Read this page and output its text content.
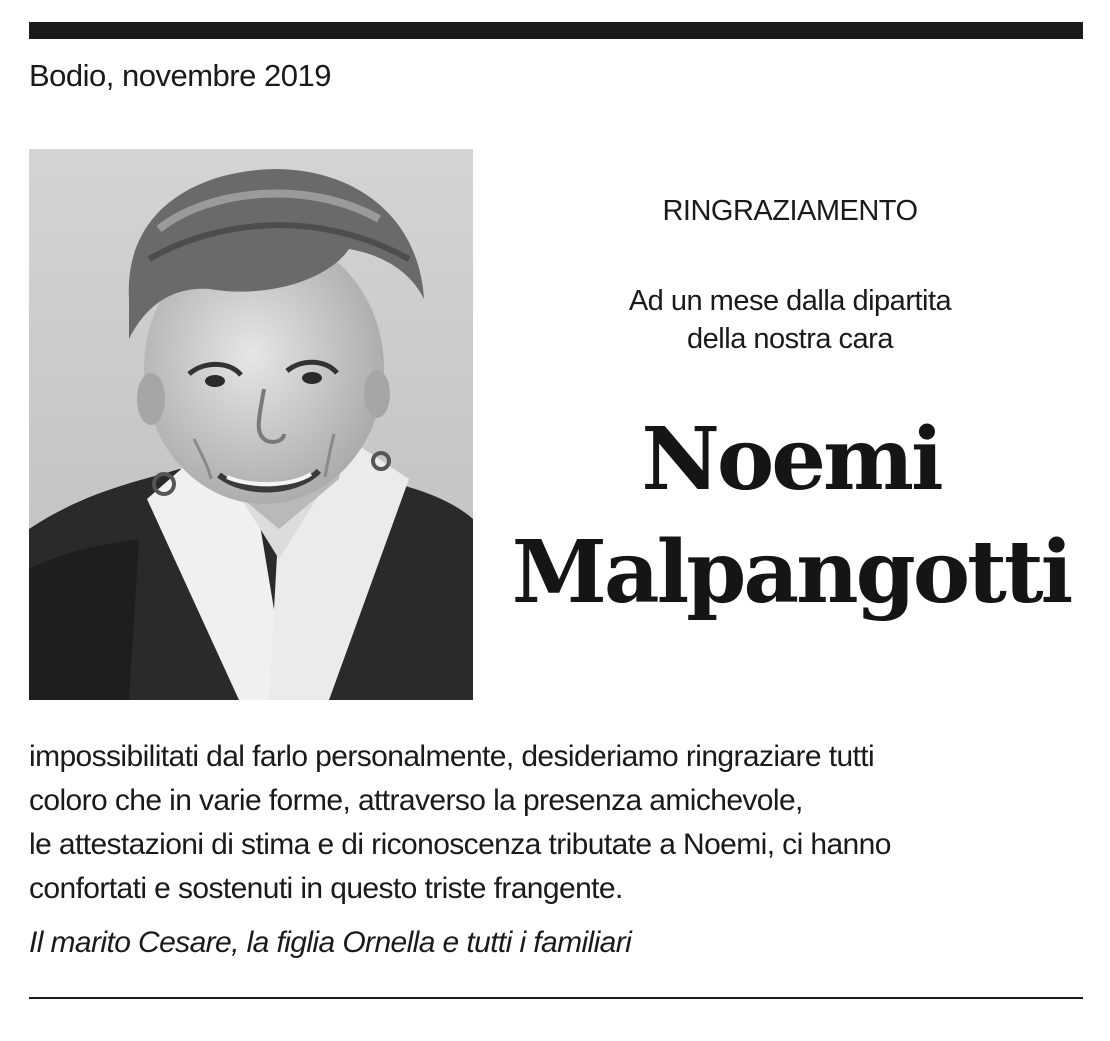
Bodio, novembre 2019
RINGRAZIAMENTO
Ad un mese dalla dipartita
della nostra cara
Noemi
Malpangotti
impossibilitati dal farlo personalmente, desideriamo ringraziare tutti
coloro che in varie forme, attraverso la presenza amichevole,
le attestazioni di stima e di riconoscenza tributate a Noemi, ci hanno
confortati e sostenuti in questo triste frangente.
Il marito Cesare, la figlia Ornella e tutti i familiari
